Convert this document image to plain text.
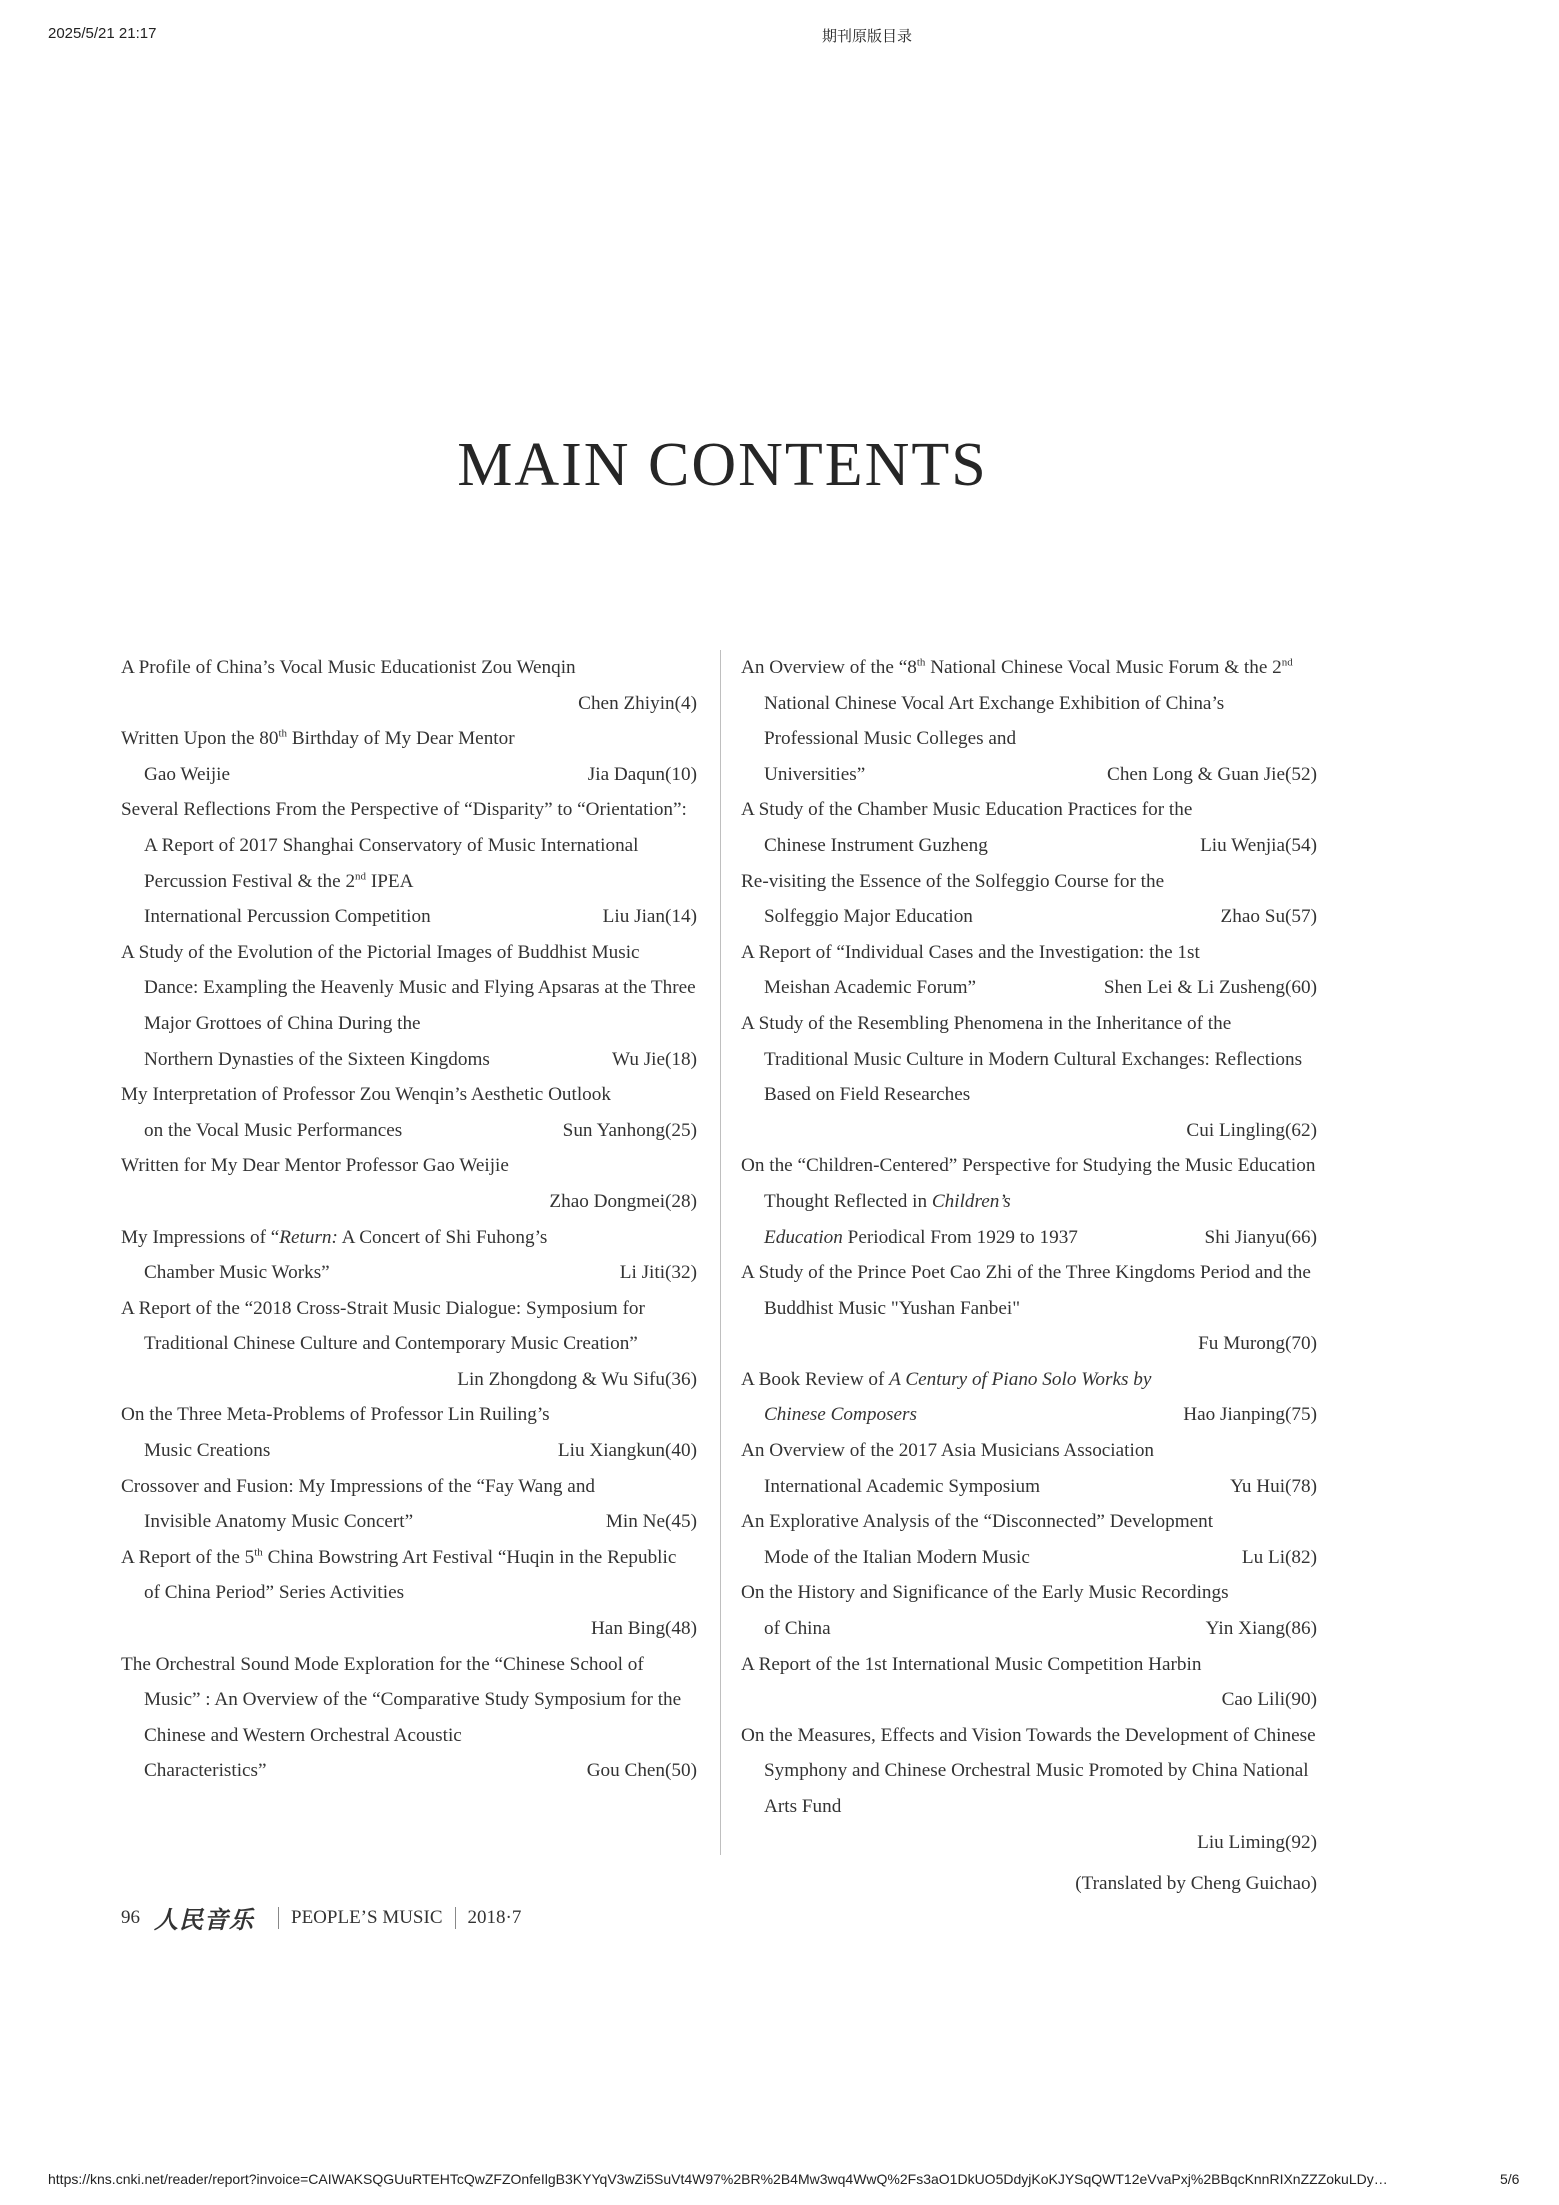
2025/5/21 21:17	期刊原版目录
MAIN CONTENTS
A Profile of China’s Vocal Music Educationist Zou Wenqin
Chen Zhiyin(4)
Written Upon the 80th Birthday of My Dear Mentor
Gao Weijie	Jia Daqun(10)
Several Reflections From the Perspective of “Disparity” to “Orientation”: A Report of 2017 Shanghai Conservatory of Music International Percussion Festival & the 2nd IPEA
International Percussion Competition	Liu Jian(14)
A Study of the Evolution of the Pictorial Images of Buddhist Music Dance: Exampling the Heavenly Music and Flying Apsaras at the Three Major Grottoes of China During the
Northern Dynasties of the Sixteen Kingdoms	Wu Jie(18)
My Interpretation of Professor Zou Wenqin’s Aesthetic Outlook
on the Vocal Music Performances	Sun Yanhong(25)
Written for My Dear Mentor Professor Gao Weijie
Zhao Dongmei(28)
My Impressions of “Return: A Concert of Shi Fuhong’s
Chamber Music Works”	Li Jiti(32)
A Report of the “2018 Cross-Strait Music Dialogue: Symposium for Traditional Chinese Culture and Contemporary Music Creation”
Lin Zhongdong & Wu Sifu(36)
On the Three Meta-Problems of Professor Lin Ruiling’s
Music Creations	Liu Xiangkun(40)
Crossover and Fusion: My Impressions of the “Fay Wang and
Invisible Anatomy Music Concert”	Min Ne(45)
A Report of the 5th China Bowstring Art Festival “Huqin in the Republic of China Period” Series Activities
Han Bing(48)
The Orchestral Sound Mode Exploration for the “Chinese School of Music” : An Overview of the “Comparative Study Symposium for the Chinese and Western Orchestral Acoustic
Characteristics”	Gou Chen(50)
An Overview of the “8th National Chinese Vocal Music Forum & the 2nd National Chinese Vocal Art Exchange Exhibition of China’s Professional Music Colleges and
Universities”	Chen Long & Guan Jie(52)
A Study of the Chamber Music Education Practices for the
Chinese Instrument Guzheng	Liu Wenjia(54)
Re-visiting the Essence of the Solfeggio Course for the
Solfeggio Major Education	Zhao Su(57)
A Report of “Individual Cases and the Investigation: the 1st
Meishan Academic Forum”	Shen Lei & Li Zusheng(60)
A Study of the Resembling Phenomena in the Inheritance of the Traditional Music Culture in Modern Cultural Exchanges: Reflections Based on Field Researches
Cui Lingling(62)
On the “Children-Centered” Perspective for Studying the Music Education Thought Reflected in Children’s
Education Periodical From 1929 to 1937	Shi Jianyu(66)
A Study of the Prince Poet Cao Zhi of the Three Kingdoms Period and the Buddhist Music "Yushan Fanbei"
Fu Murong(70)
A Book Review of A Century of Piano Solo Works by
Chinese Composers	Hao Jianping(75)
An Overview of the 2017 Asia Musicians Association
International Academic Symposium	Yu Hui(78)
An Explorative Analysis of the “Disconnected” Development
Mode of the Italian Modern Music	Lu Li(82)
On the History and Significance of the Early Music Recordings
of China	Yin Xiang(86)
A Report of the 1st International Music Competition Harbin
Cao Lili(90)
On the Measures, Effects and Vision Towards the Development of Chinese Symphony and Chinese Orchestral Music Promoted by China National Arts Fund
Liu Liming(92)
(Translated by Cheng Guichao)
96 人民音乐 PEOPLE’S MUSIC 2018·7
https://kns.cnki.net/reader/report?invoice=CAIWAKSQGUuRTEHTcQwZFZOnfeIlgB3KYYqV3wZi5SuVt4W97%2BR%2B4Mw3wq4WwQ%2Fs3aO1DkUO5DdyjKoKJYSqQWT12eVvaPxj%2BBqcKnnRIXnZZZokuLDy…	5/6
